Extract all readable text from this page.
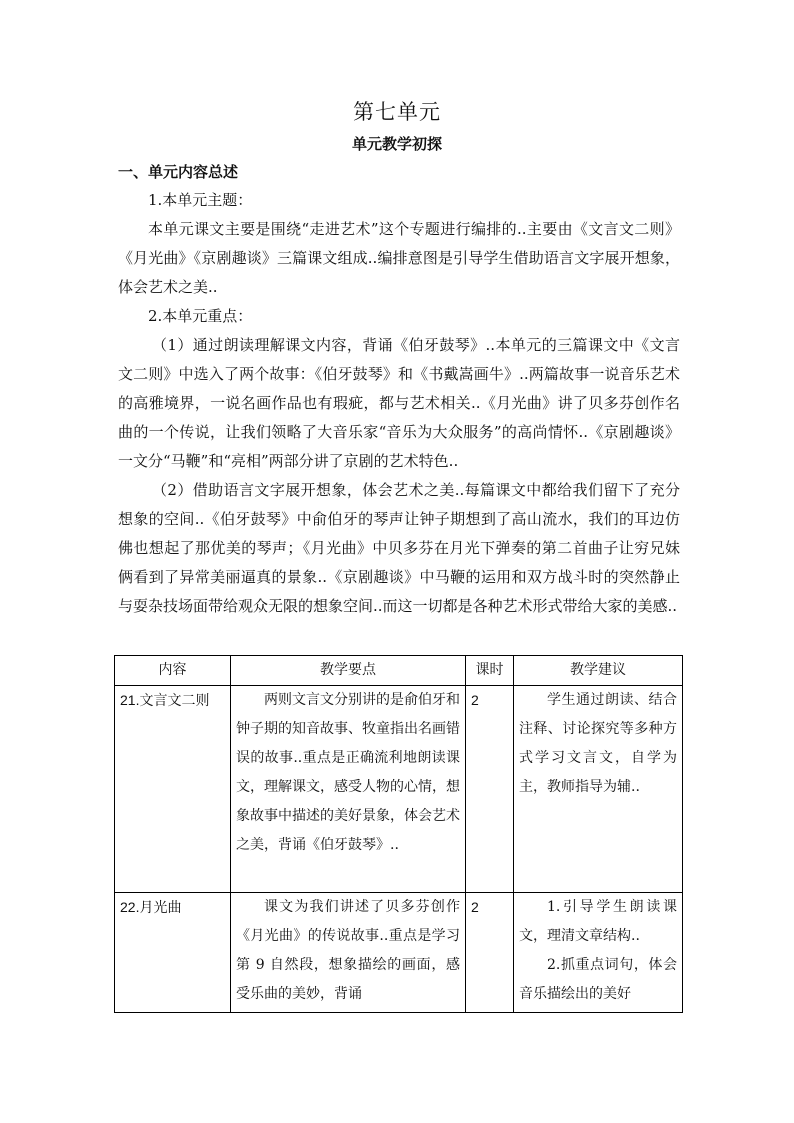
第七单元
单元教学初探
一、单元内容总述

1.本单元主题：

本单元课文主要是围绕“走进艺术”这个专题进行编排的..主要由《文言文二则》《月光曲》《京剧趣谈》三篇课文组成..编排意图是引导学生借助语言文字展开想象，体会艺术之美..

2.本单元重点：

（1）通过朗读理解课文内容，背诵《伯牙鼓琴》..本单元的三篇课文中《文言文二则》中选入了两个故事：《伯牙鼓琴》和《书戴嵩画牛》..两篇故事一说音乐艺术的高雅境界，一说名画作品也有瑕疵，都与艺术相关..《月光曲》讲了贝多芬创作名曲的一个传说，让我们领略了大音乐家“音乐为大众服务”的高尚情怀..《京剧趣谈》一文分“马鞭”和“亮相”两部分讲了京剧的艺术特色..

（2）借助语言文字展开想象，体会艺术之美..每篇课文中都给我们留下了充分想象的空间..《伯牙鼓琴》中俞伯牙的琴声让钟子期想到了高山流水，我们的耳边仿佛也想起了那优美的琴声；《月光曲》中贝多芬在月光下弹奏的第二首曲子让穷兄妹俩看到了异常美丽逼真的景象..《京剧趣谈》中马鞭的运用和双方战斗时的突然静止与耍杂技场面带给观众无限的想象空间..而这一切都是各种艺术形式带给大家的美感..

内容	教学要点	课时	教学建议
21.文言文二则	两则文言文分别讲的是俞伯牙和钟子期的知音故事、牧童指出名画错误的故事..重点是正确流利地朗读课文，理解课文，感受人物的心情，想象故事中描述的美好景象，体会艺术之美，背诵《伯牙鼓琴》..	2	学生通过朗读、结合注释、讨论探究等多种方式学习文言文，自学为主，教师指导为辅..

22.月光曲	课文为我们讲述了贝多芬创作《月光曲》的传说故事..重点是学习第 9 自然段，想象描绘的画面，感受乐曲的美妙，背诵	2	1.引导学生朗读课文，理清文章结构..

2.抓重点词句，体会音乐描绘出的美好
